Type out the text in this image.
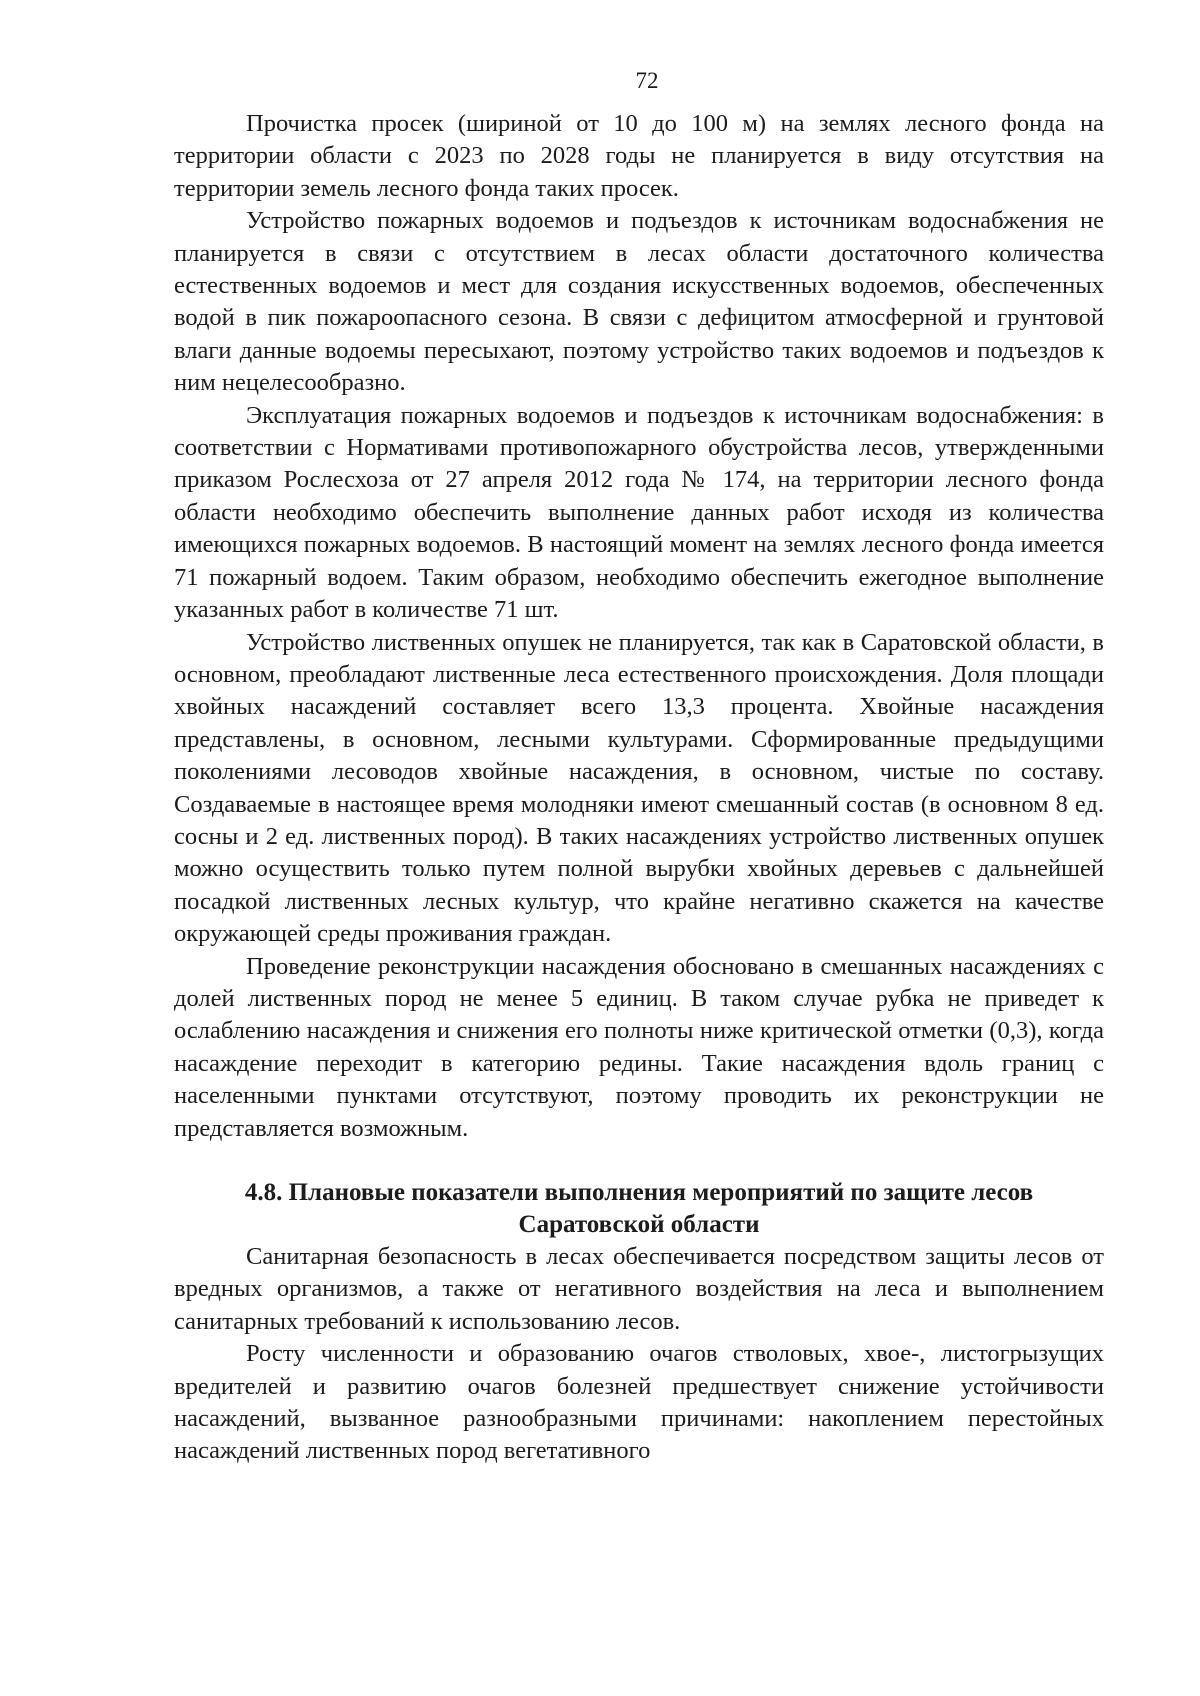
72

Прочистка просек (шириной от 10 до 100 м) на землях лесного фонда на территории области с 2023 по 2028 годы не планируется в виду отсутствия на территории земель лесного фонда таких просек.

Устройство пожарных водоемов и подъездов к источникам водоснабжения не планируется в связи с отсутствием в лесах области достаточного количества естественных водоемов и мест для создания искусственных водоемов, обеспеченных водой в пик пожароопасного сезона. В связи с дефицитом атмосферной и грунтовой влаги данные водоемы пересыхают, поэтому устройство таких водоемов и подъездов к ним нецелесообразно.

Эксплуатация пожарных водоемов и подъездов к источникам водоснабжения: в соответствии с Нормативами противопожарного обустройства лесов, утвержденными приказом Рослесхоза от 27 апреля 2012 года № 174, на территории лесного фонда области необходимо обеспечить выполнение данных работ исходя из количества имеющихся пожарных водоемов. В настоящий момент на землях лесного фонда имеется 71 пожарный водоем. Таким образом, необходимо обеспечить ежегодное выполнение указанных работ в количестве 71 шт.

Устройство лиственных опушек не планируется, так как в Саратовской области, в основном, преобладают лиственные леса естественного происхождения. Доля площади хвойных насаждений составляет всего 13,3 процента. Хвойные насаждения представлены, в основном, лесными культурами. Сформированные предыдущими поколениями лесоводов хвойные насаждения, в основном, чистые по составу. Создаваемые в настоящее время молодняки имеют смешанный состав (в основном 8 ед. сосны и 2 ед. лиственных пород). В таких насаждениях устройство лиственных опушек можно осуществить только путем полной вырубки хвойных деревьев с дальнейшей посадкой лиственных лесных культур, что крайне негативно скажется на качестве окружающей среды проживания граждан.

Проведение реконструкции насаждения обосновано в смешанных насаждениях с долей лиственных пород не менее 5 единиц. В таком случае рубка не приведет к ослаблению насаждения и снижения его полноты ниже критической отметки (0,3), когда насаждение переходит в категорию редины. Такие насаждения вдоль границ с населенными пунктами отсутствуют, поэтому проводить их реконструкции не представляется возможным.

4.8. Плановые показатели выполнения мероприятий по защите лесов
Саратовской области

Санитарная безопасность в лесах обеспечивается посредством защиты лесов от вредных организмов, а также от негативного воздействия на леса и выполнением санитарных требований к использованию лесов.

Росту численности и образованию очагов стволовых, хвое-, листогрызущих вредителей и развитию очагов болезней предшествует снижение устойчивости насаждений, вызванное разнообразными причинами: накоплением перестойных насаждений лиственных пород вегетативного
